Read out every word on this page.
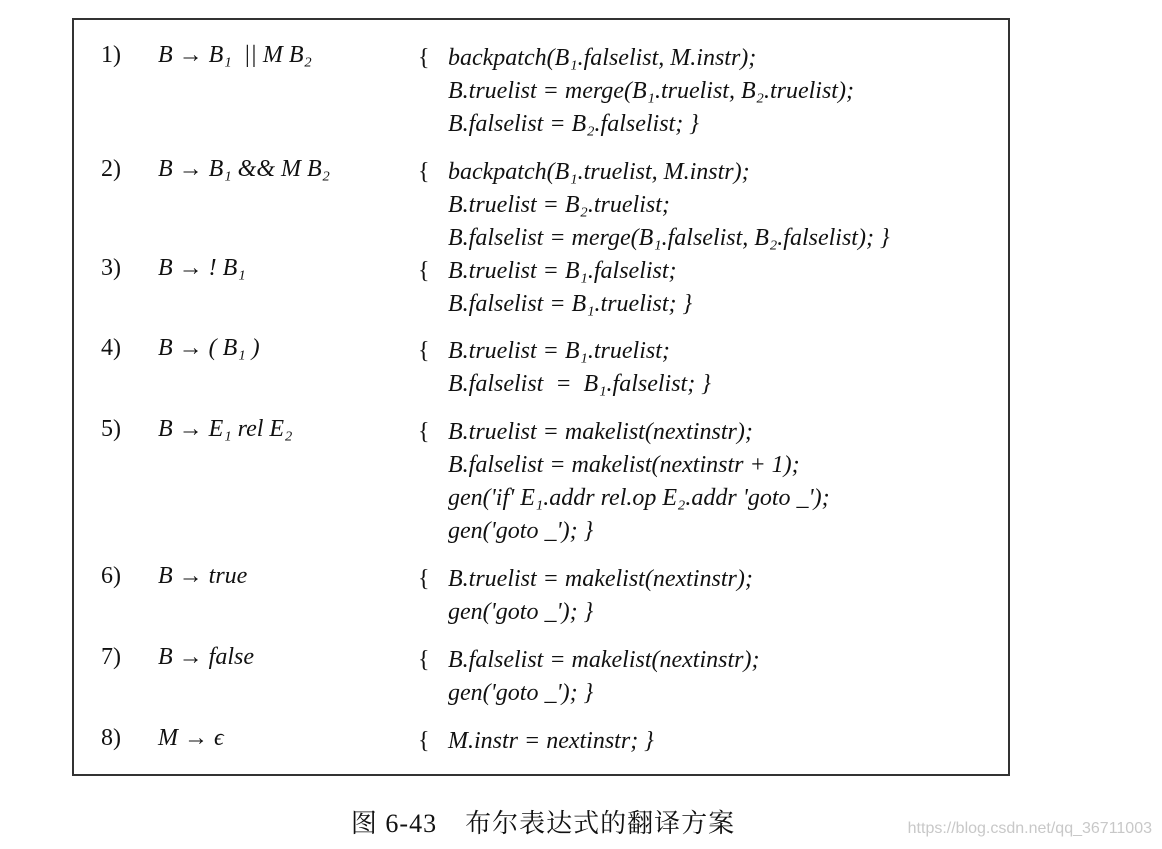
1) B → B₁  || M B₂	{ backpatch(B₁.falselist, M.instr);
B.truelist = merge(B₁.truelist, B₂.truelist);
B.falselist = B₂.falselist; }
2) B → B₁ && M B₂	{ backpatch(B₁.truelist, M.instr);
B.truelist = B₂.truelist;
B.falselist = merge(B₁.falselist, B₂.falselist); }
3) B → ! B₁	{ B.truelist = B₁.falselist;
B.falselist = B₁.truelist; }
4) B → ( B₁ )	{ B.truelist = B₁.truelist;
B.falselist  =  B₁.falselist; }
5) B → E₁ rel E₂	{ B.truelist = makelist(nextinstr);
B.falselist = makelist(nextinstr + 1);
gen('if' E₁.addr rel.op E₂.addr 'goto _');
gen('goto _'); }
6) B → true	{ B.truelist = makelist(nextinstr);
gen('goto _'); }
7) B → false	{ B.falselist = makelist(nextinstr);
gen('goto _'); }
8) M → ϵ	{ M.instr = nextinstr; }
图 6-43 布尔表达式的翻译方案	https://blog.csdn.net/qq_36711003
